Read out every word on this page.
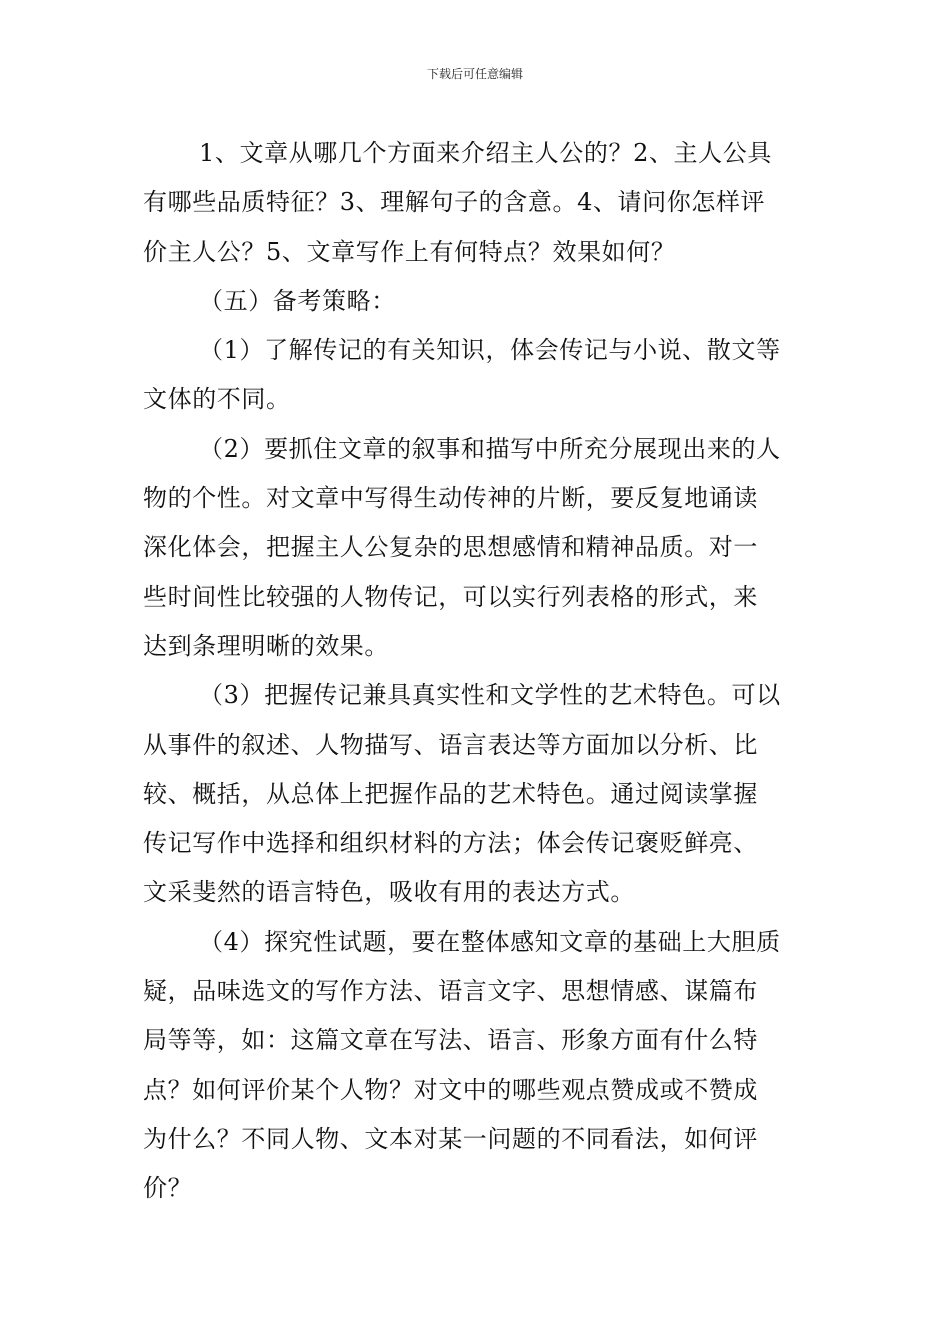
下载后可任意编辑
1、文章从哪几个方面来介绍主人公的？2、主人公具
有哪些品质特征？3、理解句子的含意。4、请问你怎样评
价主人公？5、文章写作上有何特点？效果如何？
（五）备考策略：
（1）了解传记的有关知识，体会传记与小说、散文等
文体的不同。
（2）要抓住文章的叙事和描写中所充分展现出来的人
物的个性。对文章中写得生动传神的片断，要反复地诵读
深化体会，把握主人公复杂的思想感情和精神品质。对一
些时间性比较强的人物传记，可以实行列表格的形式，来
达到条理明晰的效果。
（3）把握传记兼具真实性和文学性的艺术特色。可以
从事件的叙述、人物描写、语言表达等方面加以分析、比
较、概括，从总体上把握作品的艺术特色。通过阅读掌握
传记写作中选择和组织材料的方法；体会传记褒贬鲜亮、
文采斐然的语言特色，吸收有用的表达方式。
（4）探究性试题，要在整体感知文章的基础上大胆质
疑，品味选文的写作方法、语言文字、思想情感、谋篇布
局等等，如：这篇文章在写法、语言、形象方面有什么特
点？如何评价某个人物？对文中的哪些观点赞成或不赞成
为什么？不同人物、文本对某一问题的不同看法，如何评
价？
